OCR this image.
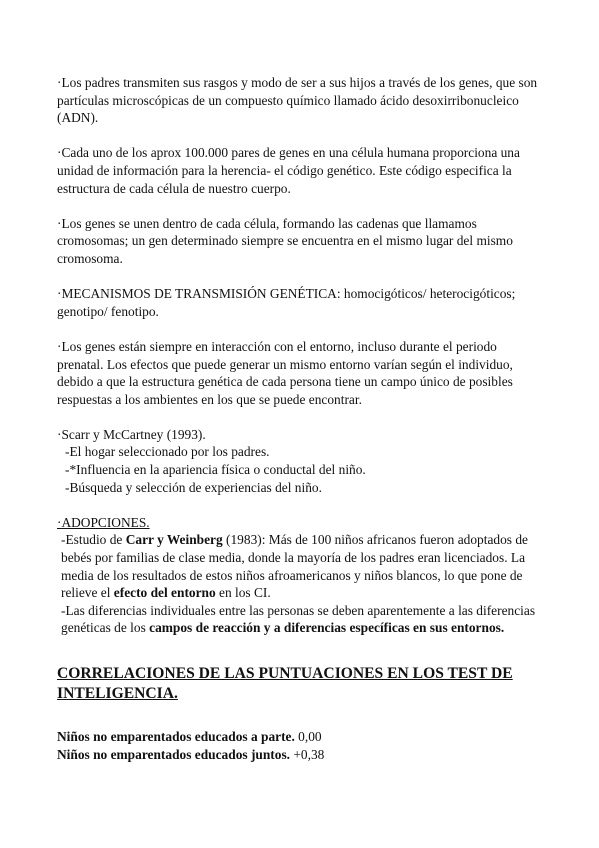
·Los padres transmiten sus rasgos y modo de ser a sus hijos a través de los genes, que son partículas microscópicas de un compuesto químico llamado ácido desoxirribonucleico (ADN).

·Cada uno de los aprox 100.000 pares de genes en una célula humana proporciona una unidad de información para la herencia- el código genético. Este código especifica la estructura de cada célula de nuestro cuerpo.

·Los genes se unen dentro de cada célula, formando las cadenas que llamamos cromosomas; un gen determinado siempre se encuentra en el mismo lugar del mismo cromosoma.

·MECANISMOS DE TRANSMISIÓN GENÉTICA: homocigóticos/ heterocigóticos; genotipo/ fenotipo.

·Los genes están siempre en interacción con el entorno, incluso durante el periodo prenatal. Los efectos que puede generar un mismo entorno varían según el individuo, debido a que la estructura genética de cada persona tiene un campo único de posibles respuestas a los ambientes en los que se puede encontrar.

·Scarr y McCartney (1993).

-El hogar seleccionado por los padres.

-*Influencia en la apariencia física o conductal del niño.

-Búsqueda y selección de experiencias del niño.

·ADOPCIONES.

-Estudio de Carr y Weinberg (1983): Más de 100 niños africanos fueron adoptados de bebés por familias de clase media, donde la mayoría de los padres eran licenciados. La media de los resultados de estos niños afroamericanos y niños blancos, lo que pone de relieve el efecto del entorno en los CI.

-Las diferencias individuales entre las personas se deben aparentemente a las diferencias genéticas de los campos de reacción y a diferencias específicas en sus entornos.

CORRELACIONES DE LAS PUNTUACIONES EN LOS TEST DE INTELIGENCIA.

Niños no emparentados educados a parte. 0,00

Niños no emparentados educados juntos. +0,38
